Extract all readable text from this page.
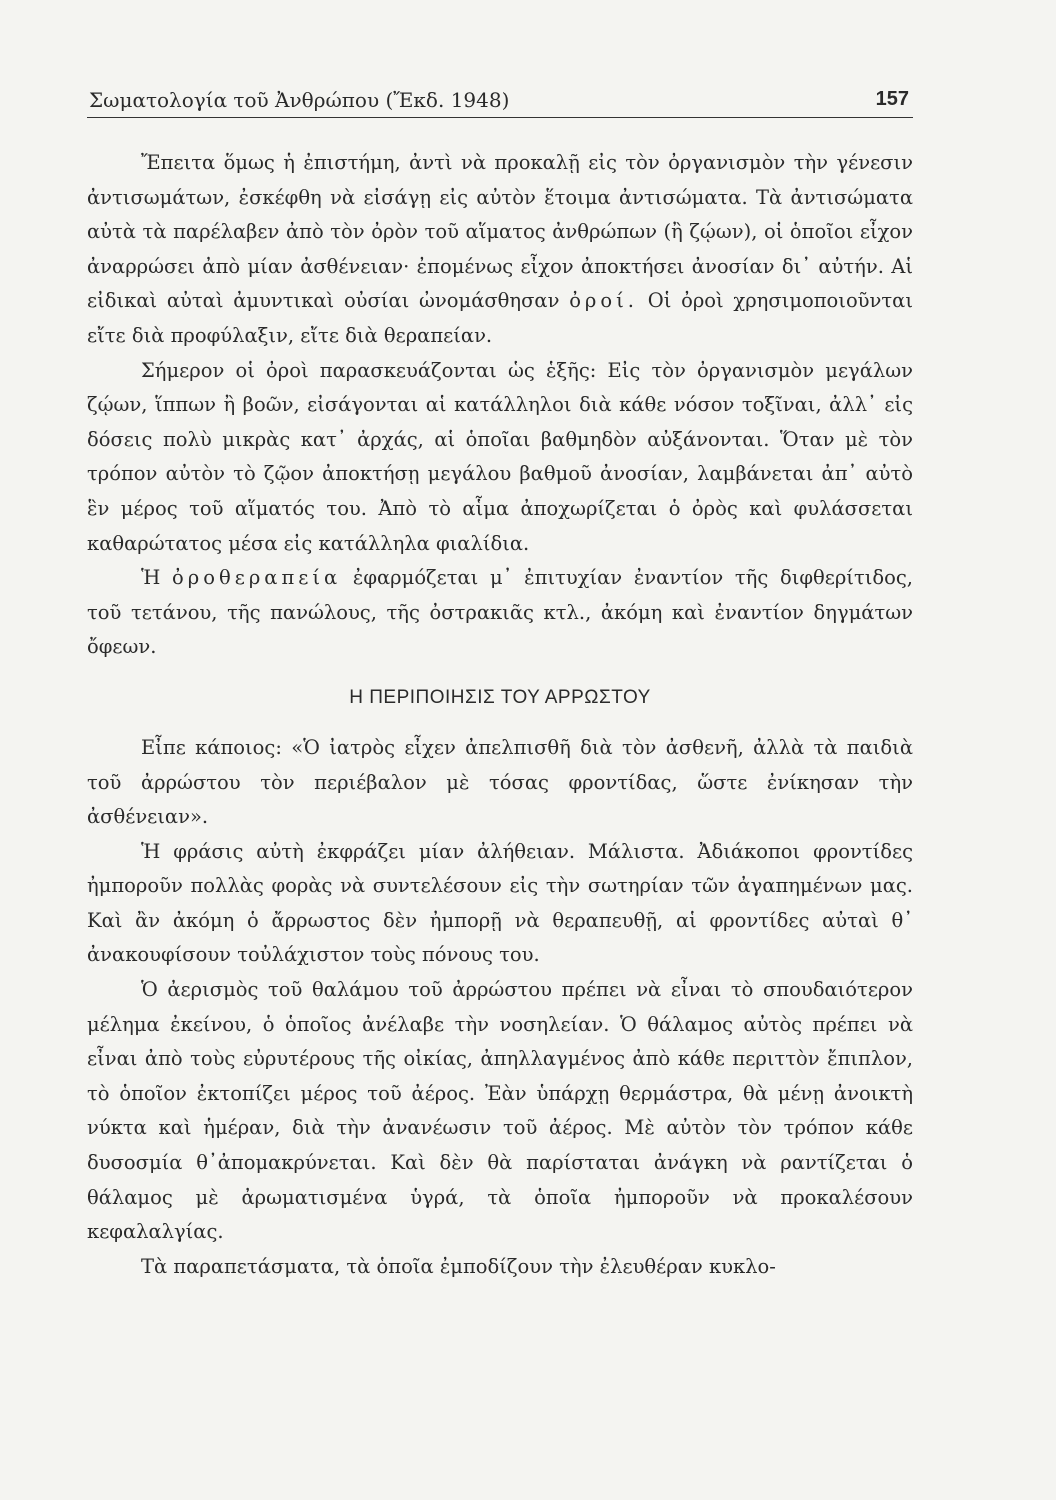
Σωματολογία τοῦ Ἀνθρώπου (Ἔκδ. 1948)	157

Ἔπειτα ὅμως ἡ ἐπιστήμη, ἀντὶ νὰ προκαλῇ εἰς τὸν ὀργανισμὸν τὴν γένεσιν ἀντισωμάτων, ἐσκέφθη νὰ εἰσάγῃ εἰς αὐτὸν ἕτοιμα ἀντισώματα. Τὰ ἀντισώματα αὐτὰ τὰ παρέλαβεν ἀπὸ τὸν ὀρὸν τοῦ αἵματος ἀνθρώπων (ἢ ζῴων), οἱ ὁποῖοι εἶχον ἀναρρώσει ἀπὸ μίαν ἀσθένειαν· ἐπομένως εἶχον ἀποκτήσει ἀνοσίαν δι᾽ αὐτήν. Αἱ εἰδικαὶ αὐταὶ ἀμυντικαὶ οὐσίαι ὠνομάσθησαν ὀροί. Οἱ ὀροὶ χρησιμοποιοῦνται εἴτε διὰ προφύλαξιν, εἴτε διὰ θεραπείαν.

Σήμερον οἱ ὀροὶ παρασκευάζονται ὡς ἑξῆς: Εἰς τὸν ὀργανισμὸν μεγάλων ζῴων, ἵππων ἢ βοῶν, εἰσάγονται αἱ κατάλληλοι διὰ κάθε νόσον τοξῖναι, ἀλλ᾽ εἰς δόσεις πολὺ μικρὰς κατ᾽ ἀρχάς, αἱ ὁποῖαι βαθμηδὸν αὐξάνονται. Ὅταν μὲ τὸν τρόπον αὐτὸν τὸ ζῷον ἀποκτήσῃ μεγάλου βαθμοῦ ἀνοσίαν, λαμβάνεται ἀπ᾽ αὐτὸ ἓν μέρος τοῦ αἵματός του. Ἀπὸ τὸ αἷμα ἀποχωρίζεται ὁ ὀρὸς καὶ φυλάσσεται καθαρώτατος μέσα εἰς κατάλληλα φιαλίδια.

Ἡ ὀροθεραπεία ἐφαρμόζεται μ᾽ ἐπιτυχίαν ἐναντίον τῆς διφθερίτιδος, τοῦ τετάνου, τῆς πανώλους, τῆς ὀστρακιᾶς κτλ., ἀκόμη καὶ ἐναντίον δηγμάτων ὄφεων.

Η ΠΕΡΙΠΟΙΗΣΙΣ ΤΟΥ ΑΡΡΩΣΤΟΥ

Εἶπε κάποιος: «Ὁ ἰατρὸς εἶχεν ἀπελπισθῆ διὰ τὸν ἀσθενῆ, ἀλλὰ τὰ παιδιὰ τοῦ ἀρρώστου τὸν περιέβαλον μὲ τόσας φροντίδας, ὥστε ἐνίκησαν τὴν ἀσθένειαν».

Ἡ φράσις αὐτὴ ἐκφράζει μίαν ἀλήθειαν. Μάλιστα. Ἀδιάκοποι φροντίδες ἠμποροῦν πολλὰς φορὰς νὰ συντελέσουν εἰς τὴν σωτηρίαν τῶν ἀγαπημένων μας. Καὶ ἂν ἀκόμη ὁ ἄρρωστος δὲν ἠμπορῇ νὰ θεραπευθῇ, αἱ φροντίδες αὐταὶ θ᾽ ἀνακουφίσουν τοὐλάχιστον τοὺς πόνους του.

Ὁ ἀερισμὸς τοῦ θαλάμου τοῦ ἀρρώστου πρέπει νὰ εἶναι τὸ σπουδαιότερον μέλημα ἐκείνου, ὁ ὁποῖος ἀνέλαβε τὴν νοσηλείαν. Ὁ θάλαμος αὐτὸς πρέπει νὰ εἶναι ἀπὸ τοὺς εὐρυτέρους τῆς οἰκίας, ἀπηλλαγμένος ἀπὸ κάθε περιττὸν ἔπιπλον, τὸ ὁποῖον ἐκτοπίζει μέρος τοῦ ἀέρος. Ἐὰν ὑπάρχῃ θερμάστρα, θὰ μένῃ ἀνοικτὴ νύκτα καὶ ἡμέραν, διὰ τὴν ἀνανέωσιν τοῦ ἀέρος. Μὲ αὐτὸν τὸν τρόπον κάθε δυσοσμία θ᾽ἀπομακρύνεται. Καὶ δὲν θὰ παρίσταται ἀνάγκη νὰ ραντίζεται ὁ θάλαμος μὲ ἀρωματισμένα ὑγρά, τὰ ὁποῖα ἠμποροῦν νὰ προκαλέσουν κεφαλαλγίας.

Τὰ παραπετάσματα, τὰ ὁποῖα ἐμποδίζουν τὴν ἐλευθέραν κυκλο-
